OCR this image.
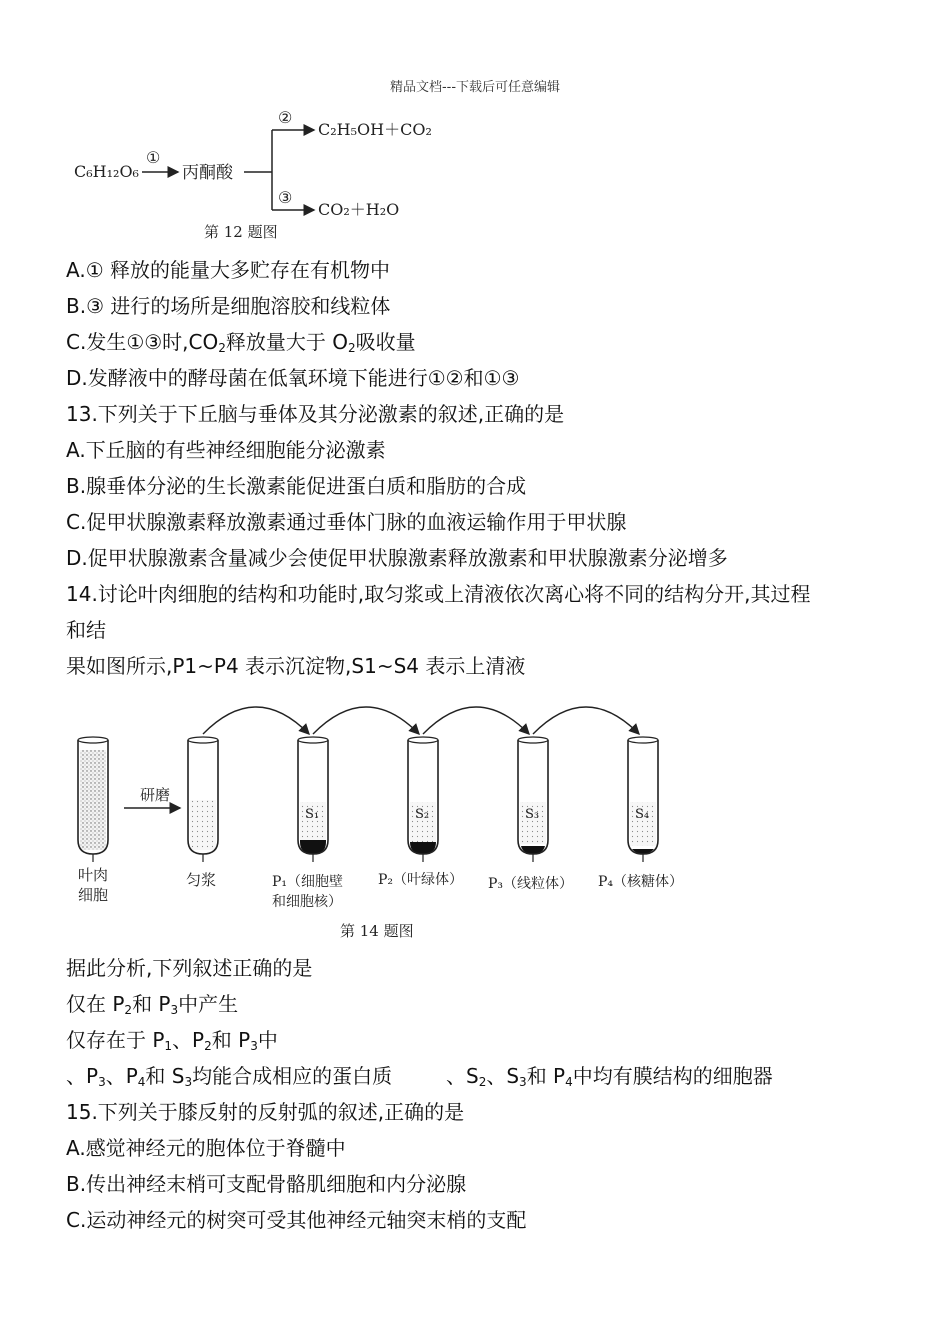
精品文档---下载后可任意编辑
C₆H₁₂O₆
①
丙酮酸
②
③
C₂H₅OH＋CO₂
CO₂＋H₂O
第 12 题图
A.① 释放的能量大多贮存在有机物中
B.③ 进行的场所是细胞溶胶和线粒体
C.发生①③时$,CO_2$释放量大于 $O_2$吸收量
D.发酵液中的酵母菌在低氧环境下能进行①②和①③
13.下列关于下丘脑与垂体及其分泌激素的叙述,正确的是
A.下丘脑的有些神经细胞能分泌激素
B.腺垂体分泌的生长激素能促进蛋白质和脂肪的合成
C.促甲状腺激素释放激素通过垂体门脉的血液运输作用于甲状腺
D.促甲状腺激素含量减少会使促甲状腺激素释放激素和甲状腺激素分泌增多
14.讨论叶肉细胞的结构和功能时,取匀浆或上清液依次离心将不同的结构分开,其过程
和结
果如图所示,P1~P4 表示沉淀物,S1~S4 表示上清液
叶肉
细胞
研磨
匀浆
S₁
P₁（细胞壁
和细胞核）
S₂
P₂（叶绿体）
S₃
P₃（线粒体）
S₄
P₄（核糖体）
第 14 题图
据此分析,下列叙述正确的是
仅在 $P_2$和 $P_3$中产生
仅存在于 $P_1$、$P_2$和 $P_3$中
、$P_3$、$P_4$和 $S_3$均能合成相应的蛋白质	、$S_2$、$S_3$和 $P_4$中均有膜结构的细胞器
15.下列关于膝反射的反射弧的叙述,正确的是
A.感觉神经元的胞体位于脊髓中
B.传出神经末梢可支配骨骼肌细胞和内分泌腺
C.运动神经元的树突可受其他神经元轴突末梢的支配
